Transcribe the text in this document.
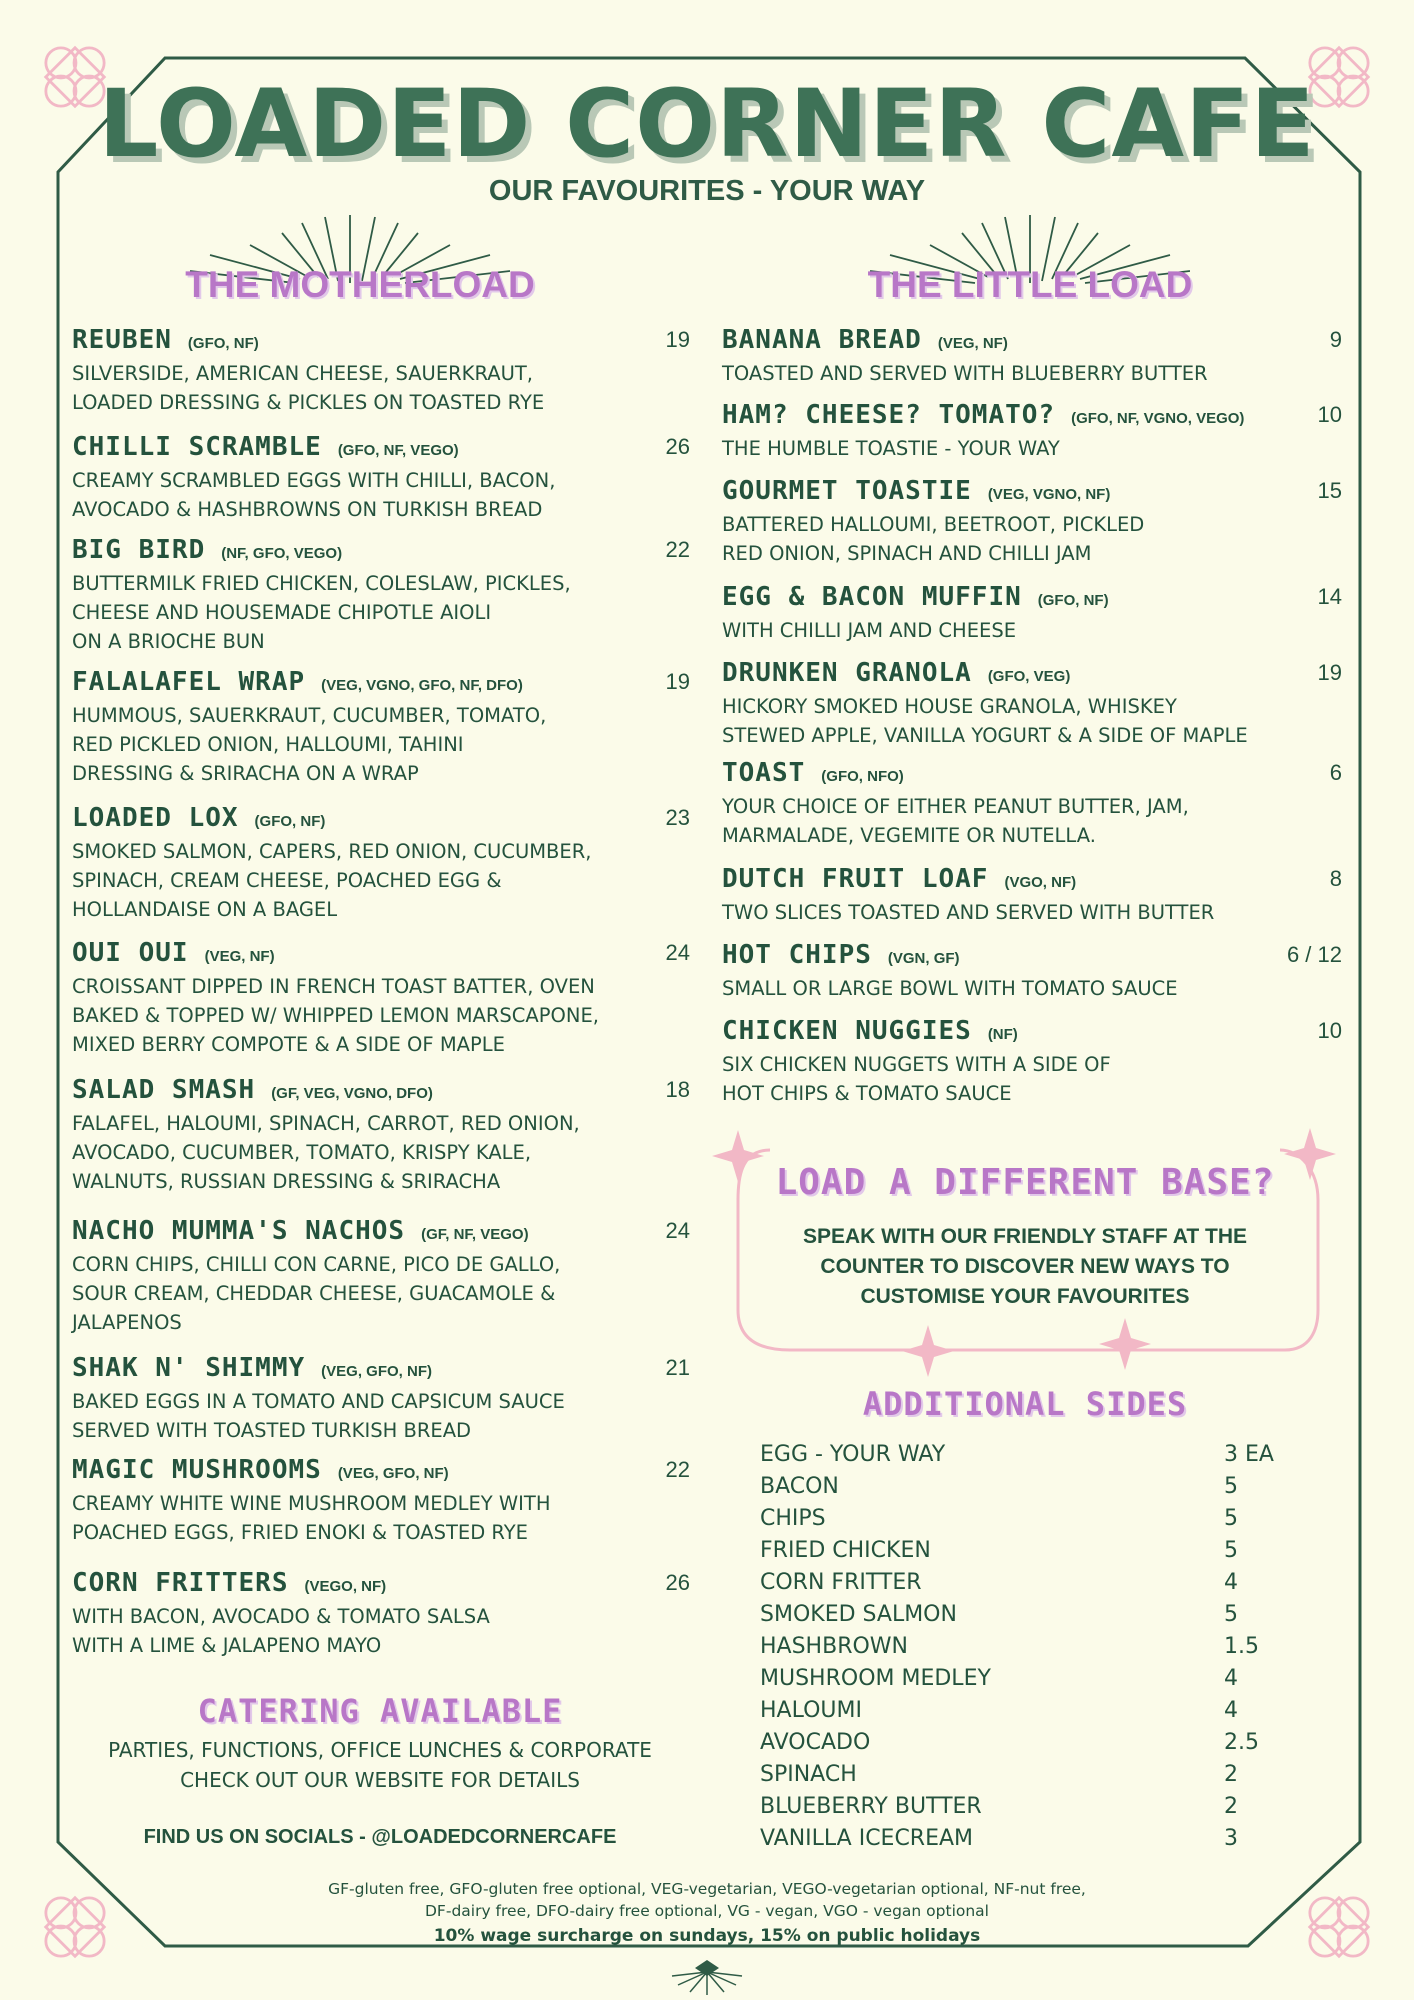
LOADED CORNER CAFE
OUR FAVOURITES - YOUR WAY
THE MOTHERLOAD	THE LITTLE LOAD
REUBEN (GFO, NF)	19
SILVERSIDE, AMERICAN CHEESE, SAUERKRAUT,
LOADED DRESSING & PICKLES ON TOASTED RYE
CHILLI SCRAMBLE (GFO, NF, VEGO)	26
CREAMY SCRAMBLED EGGS WITH CHILLI, BACON,
AVOCADO & HASHBROWNS ON TURKISH BREAD
BIG BIRD (NF, GFO, VEGO)	22
BUTTERMILK FRIED CHICKEN, COLESLAW, PICKLES,
CHEESE AND HOUSEMADE CHIPOTLE AIOLI
ON A BRIOCHE BUN
FALALAFEL WRAP (VEG, VGNO, GFO, NF, DFO)	19
HUMMOUS, SAUERKRAUT, CUCUMBER, TOMATO,
RED PICKLED ONION, HALLOUMI, TAHINI
DRESSING & SRIRACHA ON A WRAP
LOADED LOX (GFO, NF)	23
SMOKED SALMON, CAPERS, RED ONION, CUCUMBER,
SPINACH, CREAM CHEESE, POACHED EGG &
HOLLANDAISE ON A BAGEL
OUI OUI (VEG, NF)	24
CROISSANT DIPPED IN FRENCH TOAST BATTER, OVEN
BAKED & TOPPED W/ WHIPPED LEMON MARSCAPONE,
MIXED BERRY COMPOTE & A SIDE OF MAPLE
SALAD SMASH (GF, VEG, VGNO, DFO)	18
FALAFEL, HALOUMI, SPINACH, CARROT, RED ONION,
AVOCADO, CUCUMBER, TOMATO, KRISPY KALE,
WALNUTS, RUSSIAN DRESSING & SRIRACHA
NACHO MUMMA'S NACHOS (GF, NF, VEGO)	24
CORN CHIPS, CHILLI CON CARNE, PICO DE GALLO,
SOUR CREAM, CHEDDAR CHEESE, GUACAMOLE &
JALAPENOS
SHAK N' SHIMMY (VEG, GFO, NF)	21
BAKED EGGS IN A TOMATO AND CAPSICUM SAUCE
SERVED WITH TOASTED TURKISH BREAD
MAGIC MUSHROOMS (VEG, GFO, NF)	22
CREAMY WHITE WINE MUSHROOM MEDLEY WITH
POACHED EGGS, FRIED ENOKI & TOASTED RYE
CORN FRITTERS (VEGO, NF)	26
WITH BACON, AVOCADO & TOMATO SALSA
WITH A LIME & JALAPENO MAYO
BANANA BREAD (VEG, NF)	9
TOASTED AND SERVED WITH BLUEBERRY BUTTER
HAM? CHEESE? TOMATO? (GFO, NF, VGNO, VEGO)	10
THE HUMBLE TOASTIE - YOUR WAY
GOURMET TOASTIE (VEG, VGNO, NF)	15
BATTERED HALLOUMI, BEETROOT, PICKLED
RED ONION, SPINACH AND CHILLI JAM
EGG & BACON MUFFIN (GFO, NF)	14
WITH CHILLI JAM AND CHEESE
DRUNKEN GRANOLA (GFO, VEG)	19
HICKORY SMOKED HOUSE GRANOLA, WHISKEY
STEWED APPLE, VANILLA YOGURT & A SIDE OF MAPLE
TOAST (GFO, NFO)	6
YOUR CHOICE OF EITHER PEANUT BUTTER, JAM,
MARMALADE, VEGEMITE OR NUTELLA.
DUTCH FRUIT LOAF (VGO, NF)	8
TWO SLICES TOASTED AND SERVED WITH BUTTER
HOT CHIPS (VGN, GF)	6 / 12
SMALL OR LARGE BOWL WITH TOMATO SAUCE
CHICKEN NUGGIES (NF)	10
SIX CHICKEN NUGGETS WITH A SIDE OF
HOT CHIPS & TOMATO SAUCE
LOAD A DIFFERENT BASE?
SPEAK WITH OUR FRIENDLY STAFF AT THE
COUNTER TO DISCOVER NEW WAYS TO
CUSTOMISE YOUR FAVOURITES
ADDITIONAL SIDES
EGG - YOUR WAY	3 EA
BACON	5
CHIPS	5
FRIED CHICKEN	5
CORN FRITTER	4
SMOKED SALMON	5
HASHBROWN	1.5
MUSHROOM MEDLEY	4
HALOUMI	4
AVOCADO	2.5
SPINACH	2
BLUEBERRY BUTTER	2
VANILLA ICECREAM	3
CATERING AVAILABLE
PARTIES, FUNCTIONS, OFFICE LUNCHES & CORPORATE
CHECK OUT OUR WEBSITE FOR DETAILS
FIND US ON SOCIALS - @LOADEDCORNERCAFE
GF-gluten free, GFO-gluten free optional, VEG-vegetarian, VEGO-vegetarian optional, NF-nut free,
DF-dairy free, DFO-dairy free optional, VG - vegan, VGO - vegan optional
10% wage surcharge on sundays, 15% on public holidays
